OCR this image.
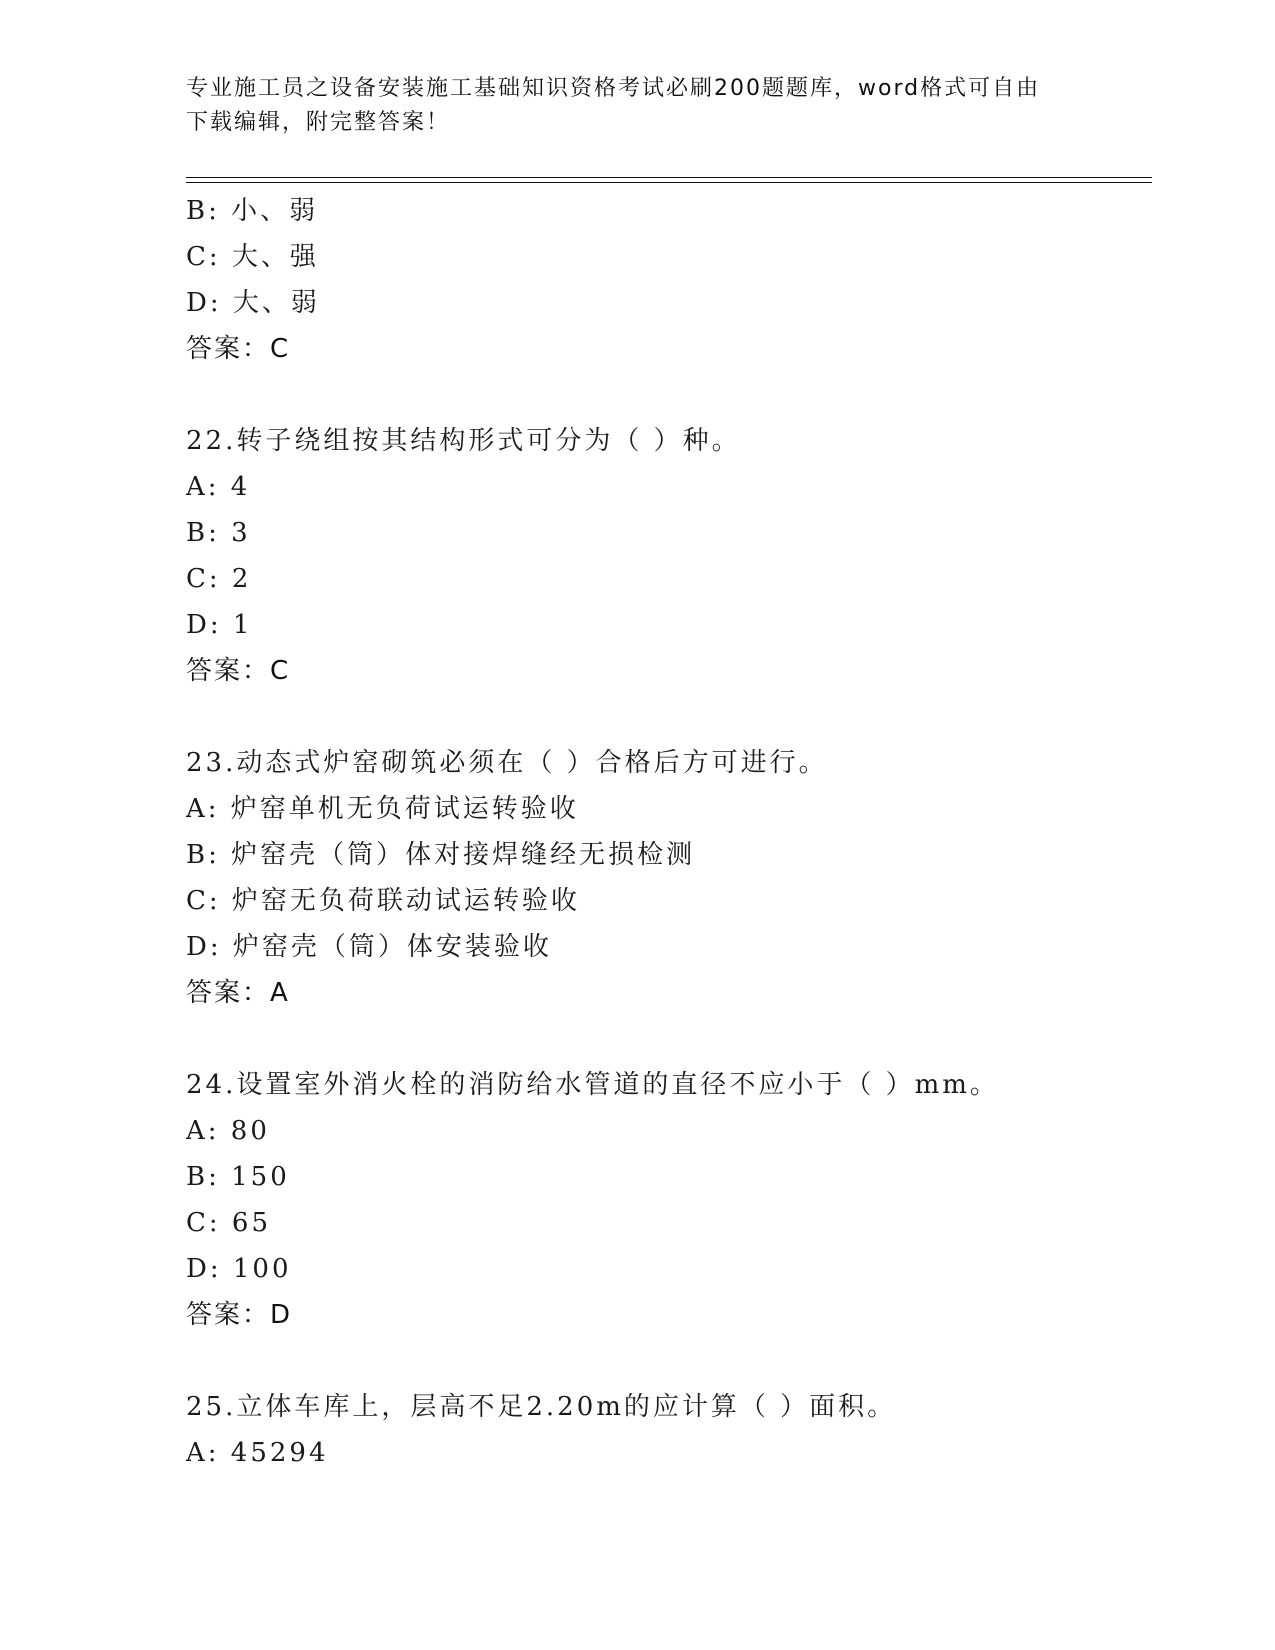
专业施工员之设备安装施工基础知识资格考试必刷200题题库，word格式可自由
下载编辑，附完整答案！
B: 小、弱
C: 大、强
D: 大、弱
答案：C
22.转子绕组按其结构形式可分为（ ）种。
A: 4
B: 3
C: 2
D: 1
答案：C
23.动态式炉窑砌筑必须在（ ）合格后方可进行。
A: 炉窑单机无负荷试运转验收
B: 炉窑壳（筒）体对接焊缝经无损检测
C: 炉窑无负荷联动试运转验收
D: 炉窑壳（筒）体安装验收
答案：A
24.设置室外消火栓的消防给水管道的直径不应小于（ ）mm。
A: 80
B: 150
C: 65
D: 100
答案：D
25.立体车库上，层高不足2.20m的应计算（ ）面积。
A: 45294
